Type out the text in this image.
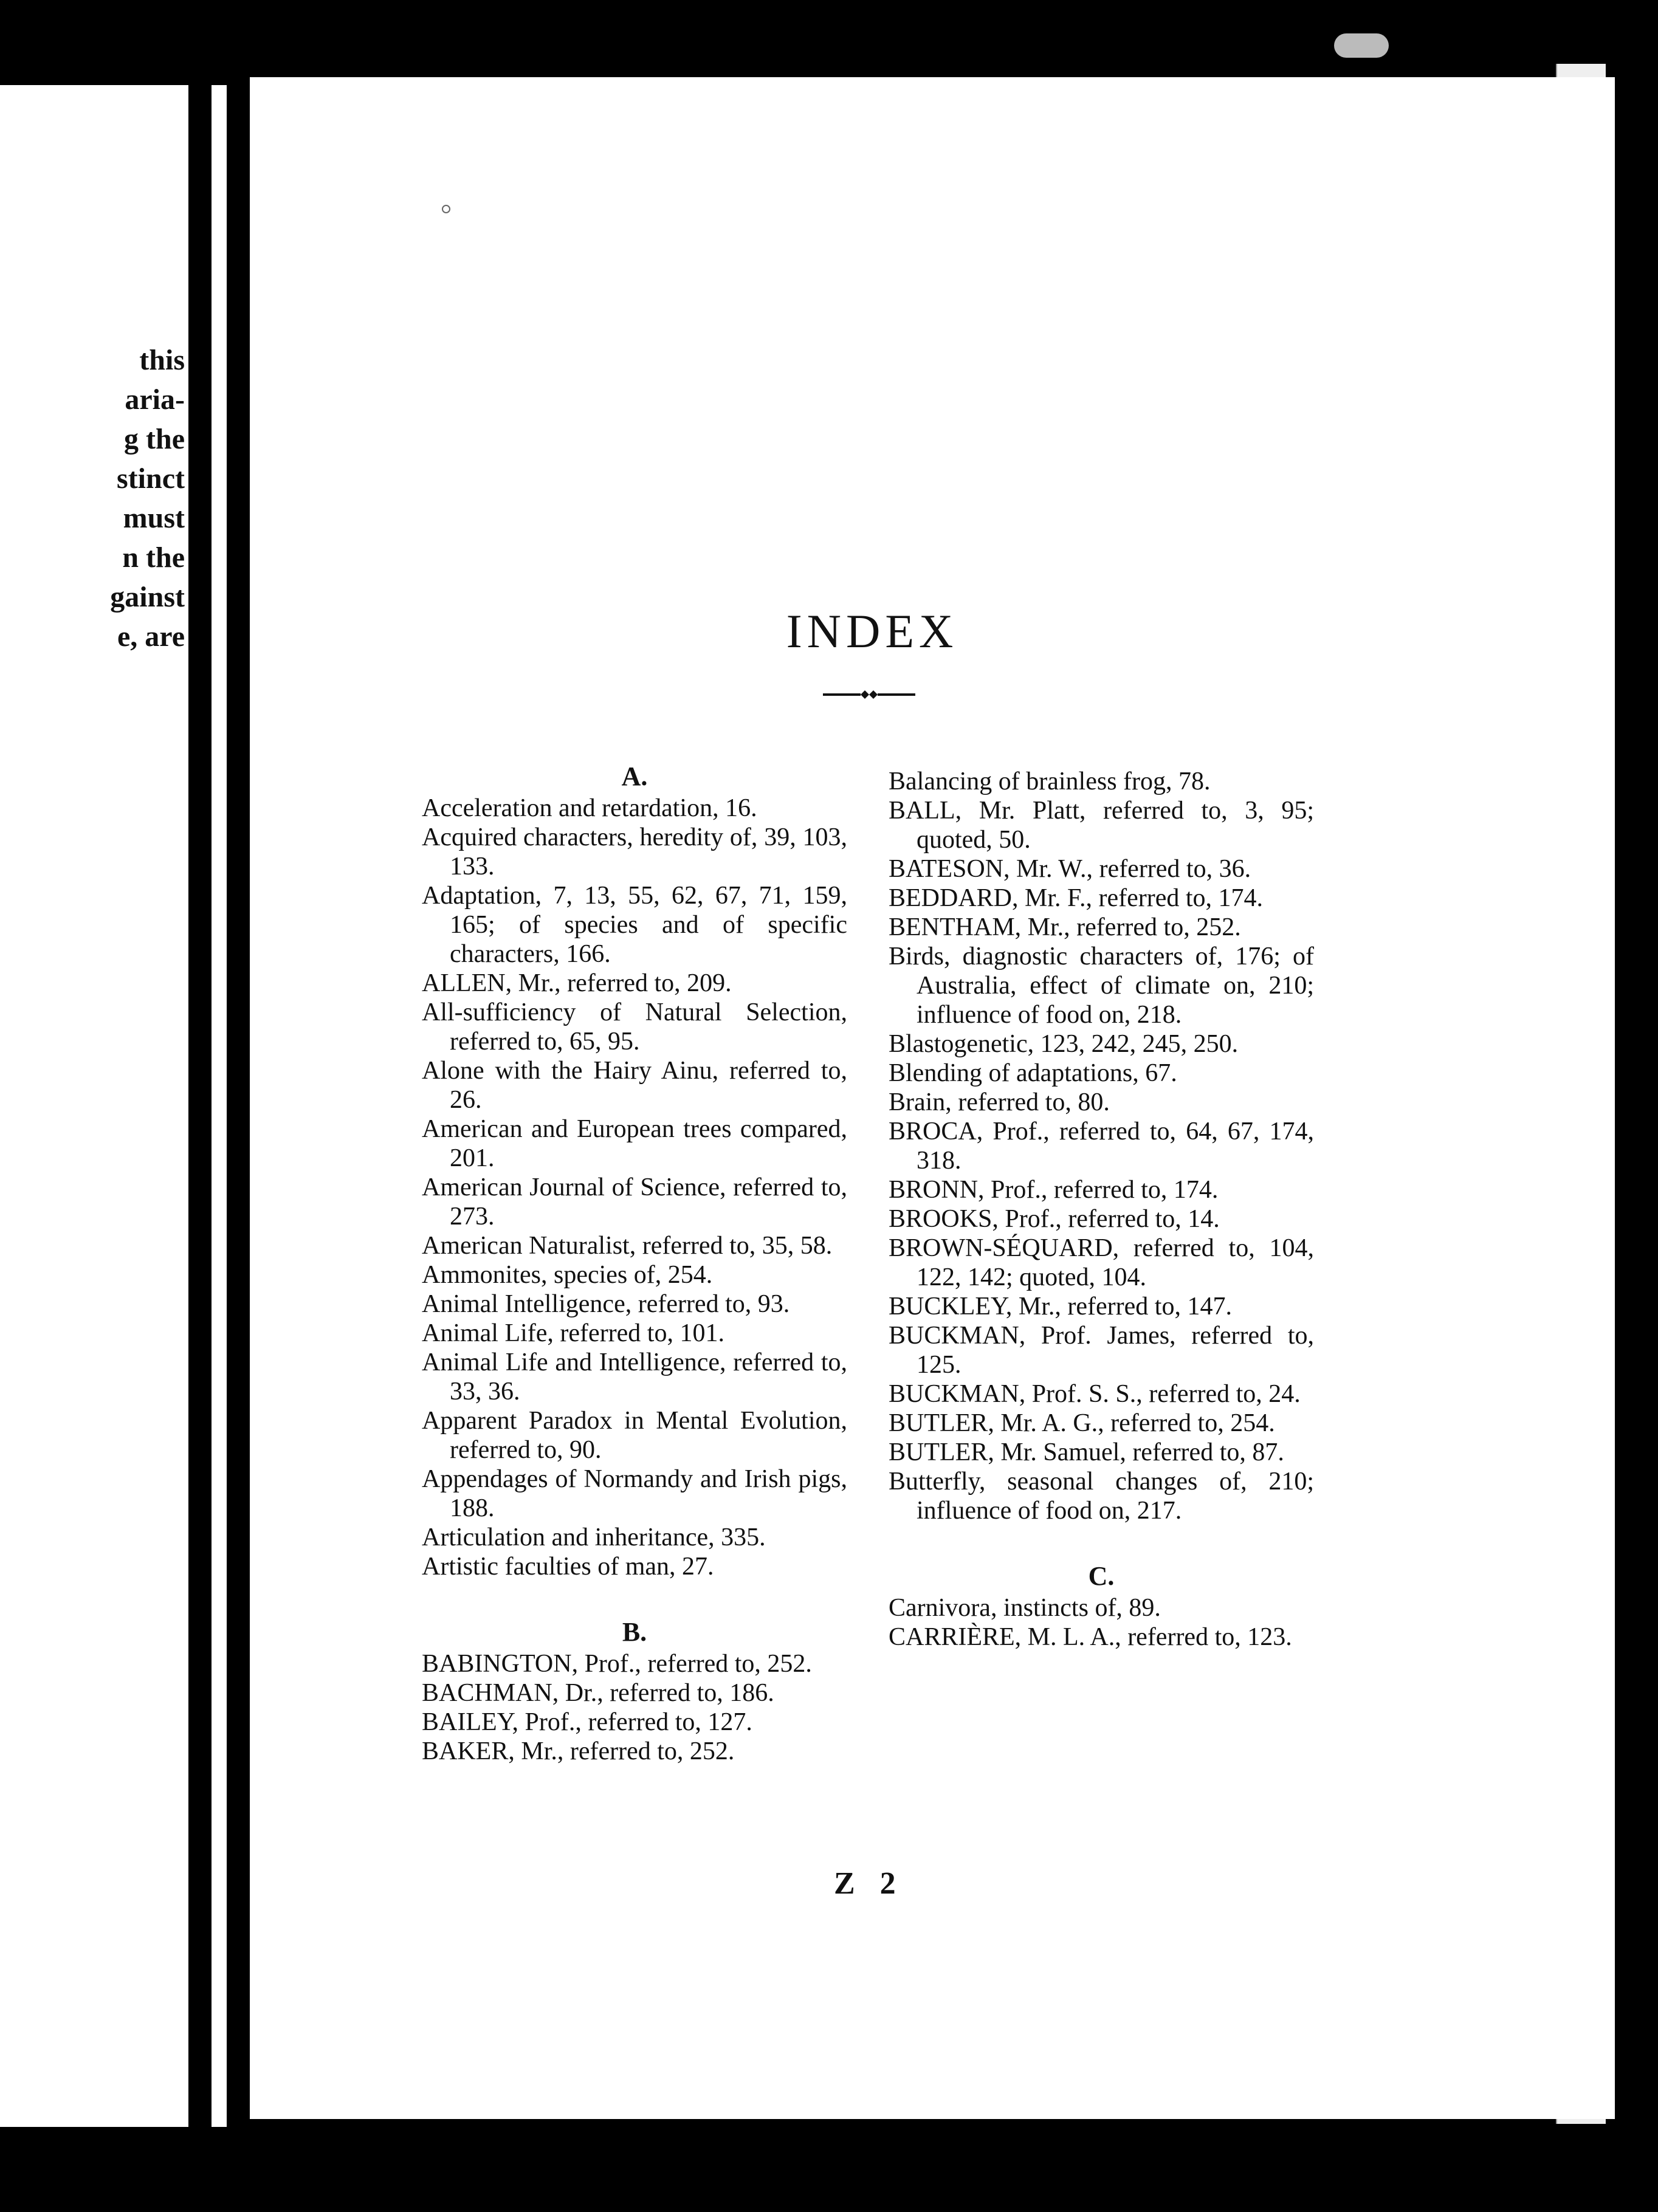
this
aria-
g the
stinct
must
n the
gainst
e, are	INDEX
A.
Acceleration and retardation, 16.
Acquired characters, heredity of, 39, 103, 133.
Adaptation, 7, 13, 55, 62, 67, 71, 159, 165; of species and of specific characters, 166.
ALLEN, Mr., referred to, 209.
All-sufficiency of Natural Selection, referred to, 65, 95.
Alone with the Hairy Ainu, referred to, 26.
American and European trees compared, 201.
American Journal of Science, referred to, 273.
American Naturalist, referred to, 35, 58.
Ammonites, species of, 254.
Animal Intelligence, referred to, 93.
Animal Life, referred to, 101.
Animal Life and Intelligence, referred to, 33, 36.
Apparent Paradox in Mental Evolution, referred to, 90.
Appendages of Normandy and Irish pigs, 188.
Articulation and inheritance, 335.
Artistic faculties of man, 27.
B.
BABINGTON, Prof., referred to, 252.
BACHMAN, Dr., referred to, 186.
BAILEY, Prof., referred to, 127.
BAKER, Mr., referred to, 252.
Balancing of brainless frog, 78.
BALL, Mr. Platt, referred to, 3, 95; quoted, 50.
BATESON, Mr. W., referred to, 36.
BEDDARD, Mr. F., referred to, 174.
BENTHAM, Mr., referred to, 252.
Birds, diagnostic characters of, 176; of Australia, effect of climate on, 210; influence of food on, 218.
Blastogenetic, 123, 242, 245, 250.
Blending of adaptations, 67.
Brain, referred to, 80.
BROCA, Prof., referred to, 64, 67, 174, 318.
BRONN, Prof., referred to, 174.
BROOKS, Prof., referred to, 14.
BROWN-SÉQUARD, referred to, 104, 122, 142; quoted, 104.
BUCKLEY, Mr., referred to, 147.
BUCKMAN, Prof. James, referred to, 125.
BUCKMAN, Prof. S. S., referred to, 24.
BUTLER, Mr. A. G., referred to, 254.
BUTLER, Mr. Samuel, referred to, 87.
Butterfly, seasonal changes of, 210; influence of food on, 217.
C.
Carnivora, instincts of, 89.
CARRIÈRE, M. L. A., referred to, 123.
Z 2
